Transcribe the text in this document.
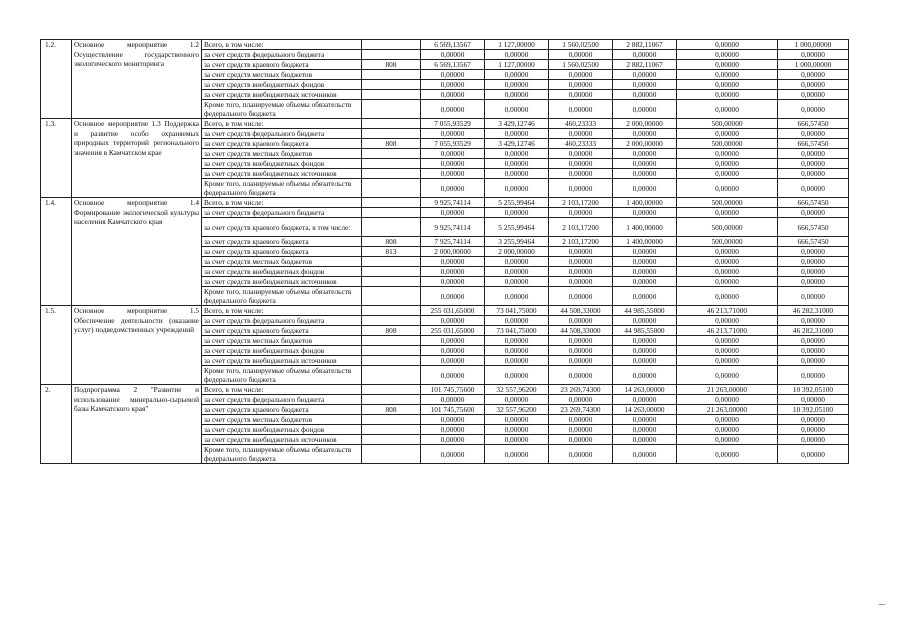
1.2.	Основное мероприятие 1.2 Осуществление государственного экологического мониторинга	Всего, в том числе:		6 569,13567	1 127,00000	1 560,02500	2 882,11067	0,00000	1 000,00000
		за счет средств федерального бюджета		0,00000	0,00000	0,00000	0,00000	0,00000	0,00000
		за счет средств краевого бюджета	808	6 569,13567	1 127,00000	1 560,02500	2 882,11067	0,00000	1 000,00000
		за счет средств местных бюджетов		0,00000	0,00000	0,00000	0,00000	0,00000	0,00000
		за счет средств внебюджетных фондов		0,00000	0,00000	0,00000	0,00000	0,00000	0,00000
		за счет средств внебюджетных источников		0,00000	0,00000	0,00000	0,00000	0,00000	0,00000
		Кроме того, планируемые объемы обязательств федерального бюджета		0,00000	0,00000	0,00000	0,00000	0,00000	0,00000
1.3.	Основное мероприятие 1.3 Поддержка и развитие особо охраняемых природных территорий регионального значения в Камчатском крае	Всего, в том числе:		7 055,93529	3 429,12746	460,23333	2 000,00000	500,00000	666,57450
		за счет средств федерального бюджета		0,00000	0,00000	0,00000	0,00000	0,00000	0,00000
		за счет средств краевого бюджета	808	7 055,93529	3 429,12746	460,23333	2 000,00000	500,00000	666,57450
		за счет средств местных бюджетов		0,00000	0,00000	0,00000	0,00000	0,00000	0,00000
		за счет средств внебюджетных фондов		0,00000	0,00000	0,00000	0,00000	0,00000	0,00000
		за счет средств внебюджетных источников		0,00000	0,00000	0,00000	0,00000	0,00000	0,00000
		Кроме того, планируемые объемы обязательств федерального бюджета		0,00000	0,00000	0,00000	0,00000	0,00000	0,00000
1.4.	Основное мероприятие 1.4 Формирование экологической культуры населения Камчатского края	Всего, в том числе:		9 925,74114	5 255,99464	2 103,17200	1 400,00000	500,00000	666,57450
		за счет средств федерального бюджета		0,00000	0,00000	0,00000	0,00000	0,00000	0,00000
		за счет средств краевого бюджета, в том числе:		9 925,74114	5 255,99464	2 103,17200	1 400,00000	500,00000	666,57450
		за счет средств краевого бюджета	808	7 925,74114	3 255,99464	2 103,17200	1 400,00000	500,00000	666,57450
		за счет средств краевого бюджета	813	2 000,00000	2 000,00000	0,00000	0,00000	0,00000	0,00000
		за счет средств местных бюджетов		0,00000	0,00000	0,00000	0,00000	0,00000	0,00000
		за счет средств внебюджетных фондов		0,00000	0,00000	0,00000	0,00000	0,00000	0,00000
		за счет средств внебюджетных источников		0,00000	0,00000	0,00000	0,00000	0,00000	0,00000
		Кроме того, планируемые объемы обязательств федерального бюджета		0,00000	0,00000	0,00000	0,00000	0,00000	0,00000
1.5.	Основное мероприятие 1.5 Обеспечение деятельности (оказание услуг) подведомственных учреждений	Всего, в том числе:		255 031,65000	73 041,75000	44 508,33000	44 985,55000	46 213,71000	46 282,31000
		за счет средств федерального бюджета		0,00000	0,00000	0,00000	0,00000	0,00000	0,00000
		за счет средств краевого бюджета	808	255 031,65000	73 041,75000	44 508,33000	44 985,55000	46 213,71000	46 282,31000
		за счет средств местных бюджетов		0,00000	0,00000	0,00000	0,00000	0,00000	0,00000
		за счет средств внебюджетных фондов		0,00000	0,00000	0,00000	0,00000	0,00000	0,00000
		за счет средств внебюджетных источников		0,00000	0,00000	0,00000	0,00000	0,00000	0,00000
		Кроме того, планируемые объемы обязательств федерального бюджета		0,00000	0,00000	0,00000	0,00000	0,00000	0,00000
2.	Подпрограмма 2 "Развитие и использование минерально-сырьевой базы Камчатского края"	Всего, в том числе:		101 745,75600	32 557,96200	23 269,74300	14 263,00000	21 263,00000	10 392,05100
		за счет средств федерального бюджета		0,00000	0,00000	0,00000	0,00000	0,00000	0,00000
		за счет средств краевого бюджета	808	101 745,75600	32 557,96200	23 269,74300	14 263,00000	21 263,00000	10 392,05100
		за счет средств местных бюджетов		0,00000	0,00000	0,00000	0,00000	0,00000	0,00000
		за счет средств внебюджетных фондов		0,00000	0,00000	0,00000	0,00000	0,00000	0,00000
		за счет средств внебюджетных источников		0,00000	0,00000	0,00000	0,00000	0,00000	0,00000
		Кроме того, планируемые объемы обязательств федерального бюджета		0,00000	0,00000	0,00000	0,00000	0,00000	0,00000
